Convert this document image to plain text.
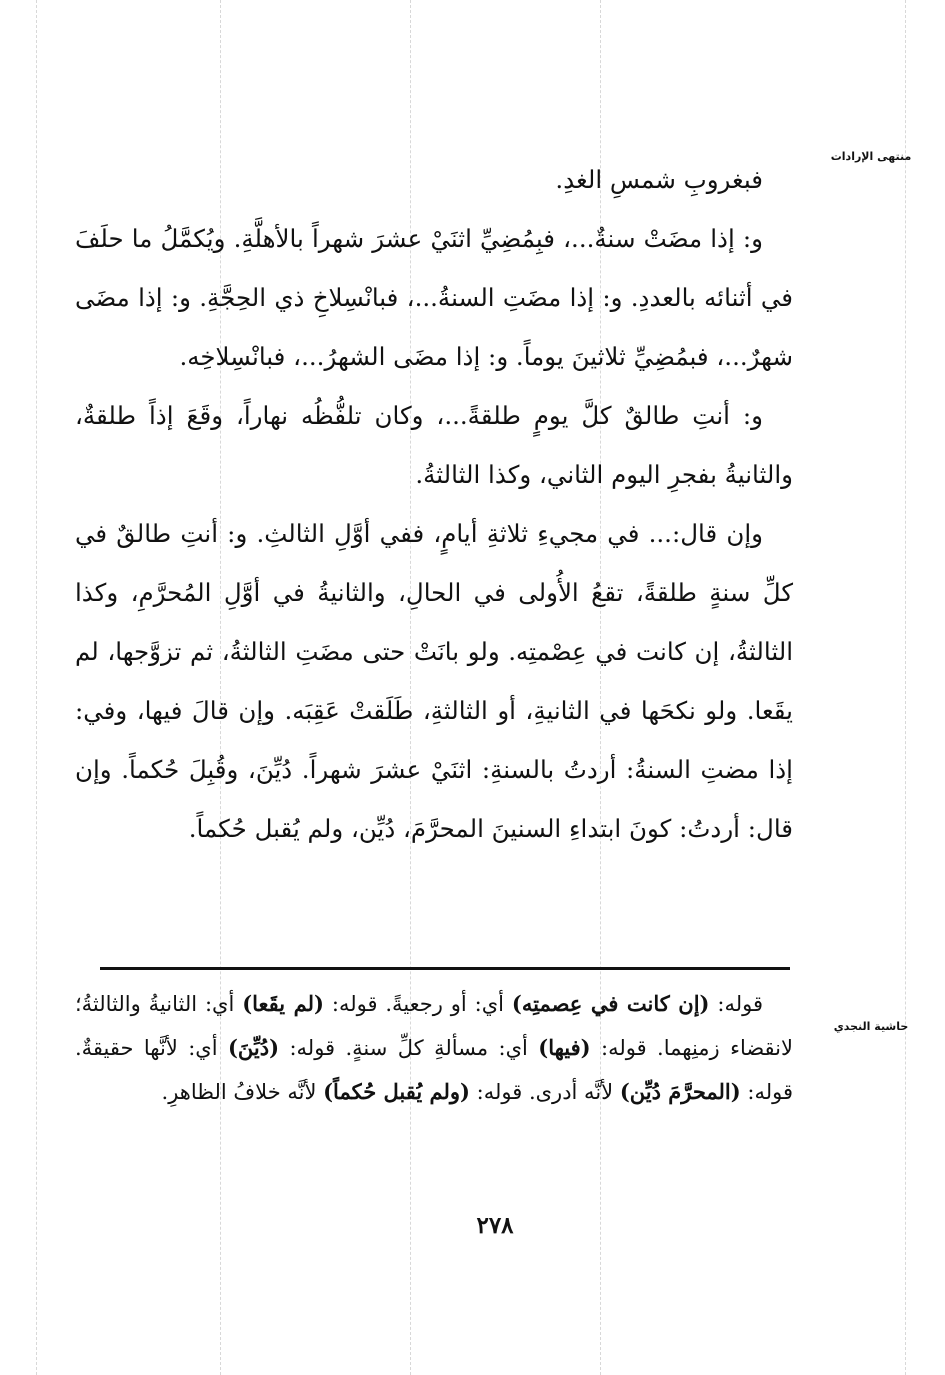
منتهى الإرادات
حاشية النجدي

فبغروبِ شمسِ الغدِ.

و: إذا مضَتْ سنةٌ...، فبِمُضِيِّ اثنَيْ عشرَ شهراً بالأهلَّةِ. ويُكمَّلُ ما حلَفَ في أثنائه بالعددِ. و: إذا مضَتِ السنةُ...، فبانْسِلاخِ ذي الحِجَّةِ. و: إذا مضَى شهرٌ...، فبمُضِيِّ ثلاثينَ يوماً. و: إذا مضَى الشهرُ...، فبانْسِلاخِه.

و: أنتِ طالقٌ كلَّ يومٍ طلقةً...، وكان تلفُّظُه نهاراً، وقَعَ إذاً طلقةٌ، والثانيةُ بفجرِ اليوم الثاني، وكذا الثالثةُ.

وإن قال:... في مجيءِ ثلاثةِ أيامٍ، ففي أوَّلِ الثالثِ. و: أنتِ طالقٌ في كلِّ سنةٍ طلقةً، تقعُ الأُولى في الحالِ، والثانيةُ في أوَّلِ المُحرَّمِ، وكذا الثالثةُ، إن كانت في عِصْمتِه. ولو بانَتْ حتى مضَتِ الثالثةُ، ثم تزوَّجها، لم يقَعا. ولو نكحَها في الثانيةِ، أو الثالثةِ، طَلَقتْ عَقِبَه. وإن قالَ فيها، وفي: إذا مضتِ السنةُ: أردتُ بالسنةِ: اثنَيْ عشرَ شهراً. دُيِّنَ، وقُبِلَ حُكماً. وإن قال: أردتُ: كونَ ابتداءِ السنينَ المحرَّمَ، دُيِّن، ولم يُقبل حُكماً.

قوله: (إن كانت في عِصمتِه) أي: أو رجعيةً. قوله: (لم يقَعا) أي: الثانيةُ والثالثةُ؛ لانقضاء زمنِهما. قوله: (فيها) أي: مسألةِ كلِّ سنةٍ. قوله: (دُيِّنَ) أي: لأنَّها حقيقةٌ. قوله: (المحرَّمَ دُيِّن) لأنَّه أدرى. قوله: (ولم يُقبل حُكماً) لأنَّه خلافُ الظاهرِ.

٢٧٨
